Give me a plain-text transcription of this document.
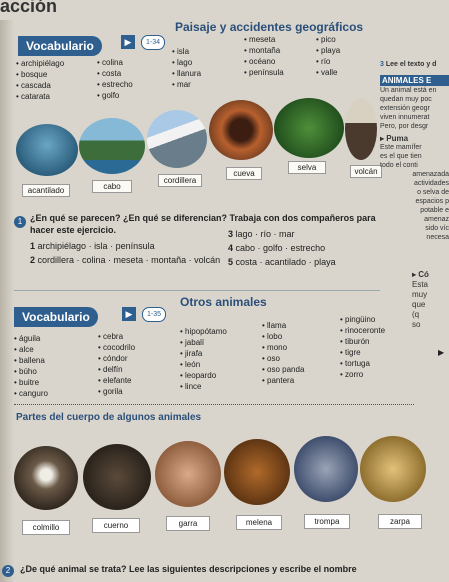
acción
Vocabulario	▶	1-34
Paisaje y accidentes geográficos
• archipiélago
• bosque
• cascada
• catarata
• colina
• costa
• estrecho
• golfo
• isla
• lago
• llanura
• mar
• meseta
• montaña
• océano
• península
• pico
• playa
• río
• valle
acantilado	cabo
cordillera
cueva
selva	volcán
1 ¿En qué se parecen? ¿En qué se diferencian? Trabaja con dos compañeros para hacer este ejercicio.
1 archipiélago · isla · península
2 cordillera · colina · meseta · montaña · volcán
3 lago · río · mar
4 cabo · golfo · estrecho
5 costa · acantilado · playa
Vocabulario	▶	1-35
Otros animales
• águila
• alce
• ballena
• búho
• buitre
• canguro
• cebra
• cocodrilo
• cóndor
• delfín
• elefante
• gorila
• hipopótamo
• jabalí
• jirafa
• león
• leopardo
• lince
• llama
• lobo
• mono
• oso
• oso panda
• pantera
• pingüino
• rinoceronte
• tiburón
• tigre
• tortuga
• zorro
Partes del cuerpo de algunos animales
colmillo	cuerno	garra	melena	trompa	zarpa
2	¿De qué animal se trata? Lee las siguientes descripciones y escribe el nombre
3 Lee el texto y d
ANIMALES E
Un animal está en
quedan muy poc
extensión geogr
viven innumerat
Pero, por desgr
▸ Puma
Este mamífer
es el que tien
todo el conti
amenazada
actividades
o selva de
espacios p
potable e
amenaz
sido víc
necesa
▸ Có
Esta
muy
que
(q
so
▶
